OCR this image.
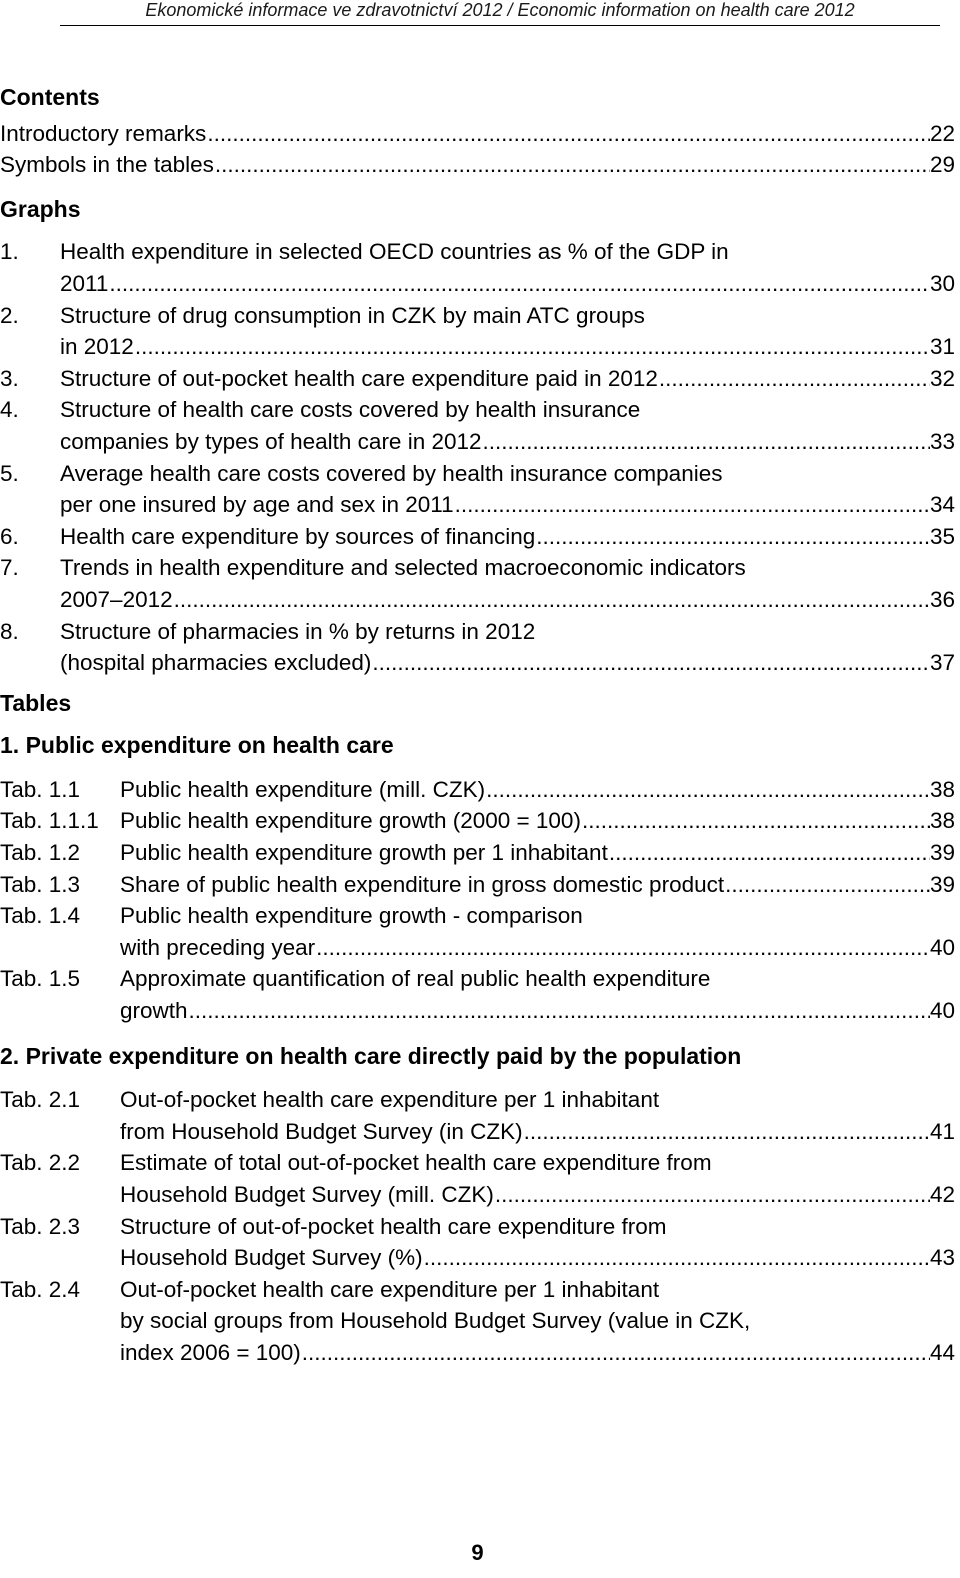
Ekonomické informace ve zdravotnictví 2012 / Economic information on health care 2012
Contents
Introductory remarks .....	22
Symbols in the tables .....	29
Graphs
1.	Health expenditure in selected OECD countries as % of the GDP in
2011 .....	30
2.	Structure of drug consumption in CZK by main ATC groups
in 2012 .....	31
3.	Structure of out-pocket health care expenditure paid in 2012 .....	32
4.	Structure of health care costs covered by health insurance
companies by types of health care in 2012 .....	33
5.	Average health care costs covered by health insurance companies
per one insured by age and sex in 2011 .....	34
6.	Health care expenditure by sources of financing .....	35
7.	Trends in health expenditure and selected macroeconomic indicators
2007–2012 .....	36
8.	Structure of pharmacies in % by returns in 2012
(hospital pharmacies excluded) .....	37
Tables
1. Public expenditure on health care
Tab. 1.1	Public health expenditure (mill. CZK) .....	38
Tab. 1.1.1 Public health expenditure growth (2000 = 100) .....	38
Tab. 1.2	Public health expenditure growth per 1 inhabitant .....	39
Tab. 1.3	Share of public health expenditure in gross domestic product .....	39
Tab. 1.4	Public health expenditure growth - comparison
with preceding year .....	40
Tab. 1.5	Approximate quantification of real public health expenditure
growth .....	40
2. Private expenditure on health care directly paid by the population
Tab. 2.1	Out-of-pocket health care expenditure per 1 inhabitant
from Household Budget Survey (in CZK) .....	41
Tab. 2.2	Estimate of total out-of-pocket health care expenditure from
Household Budget Survey (mill. CZK) .....	42
Tab. 2.3	Structure of out-of-pocket health care expenditure from
Household Budget Survey (%) .....	43
Tab. 2.4	Out-of-pocket health care expenditure per 1 inhabitant
by social groups from Household Budget Survey (value in CZK,
index 2006 = 100) .....	44
9
